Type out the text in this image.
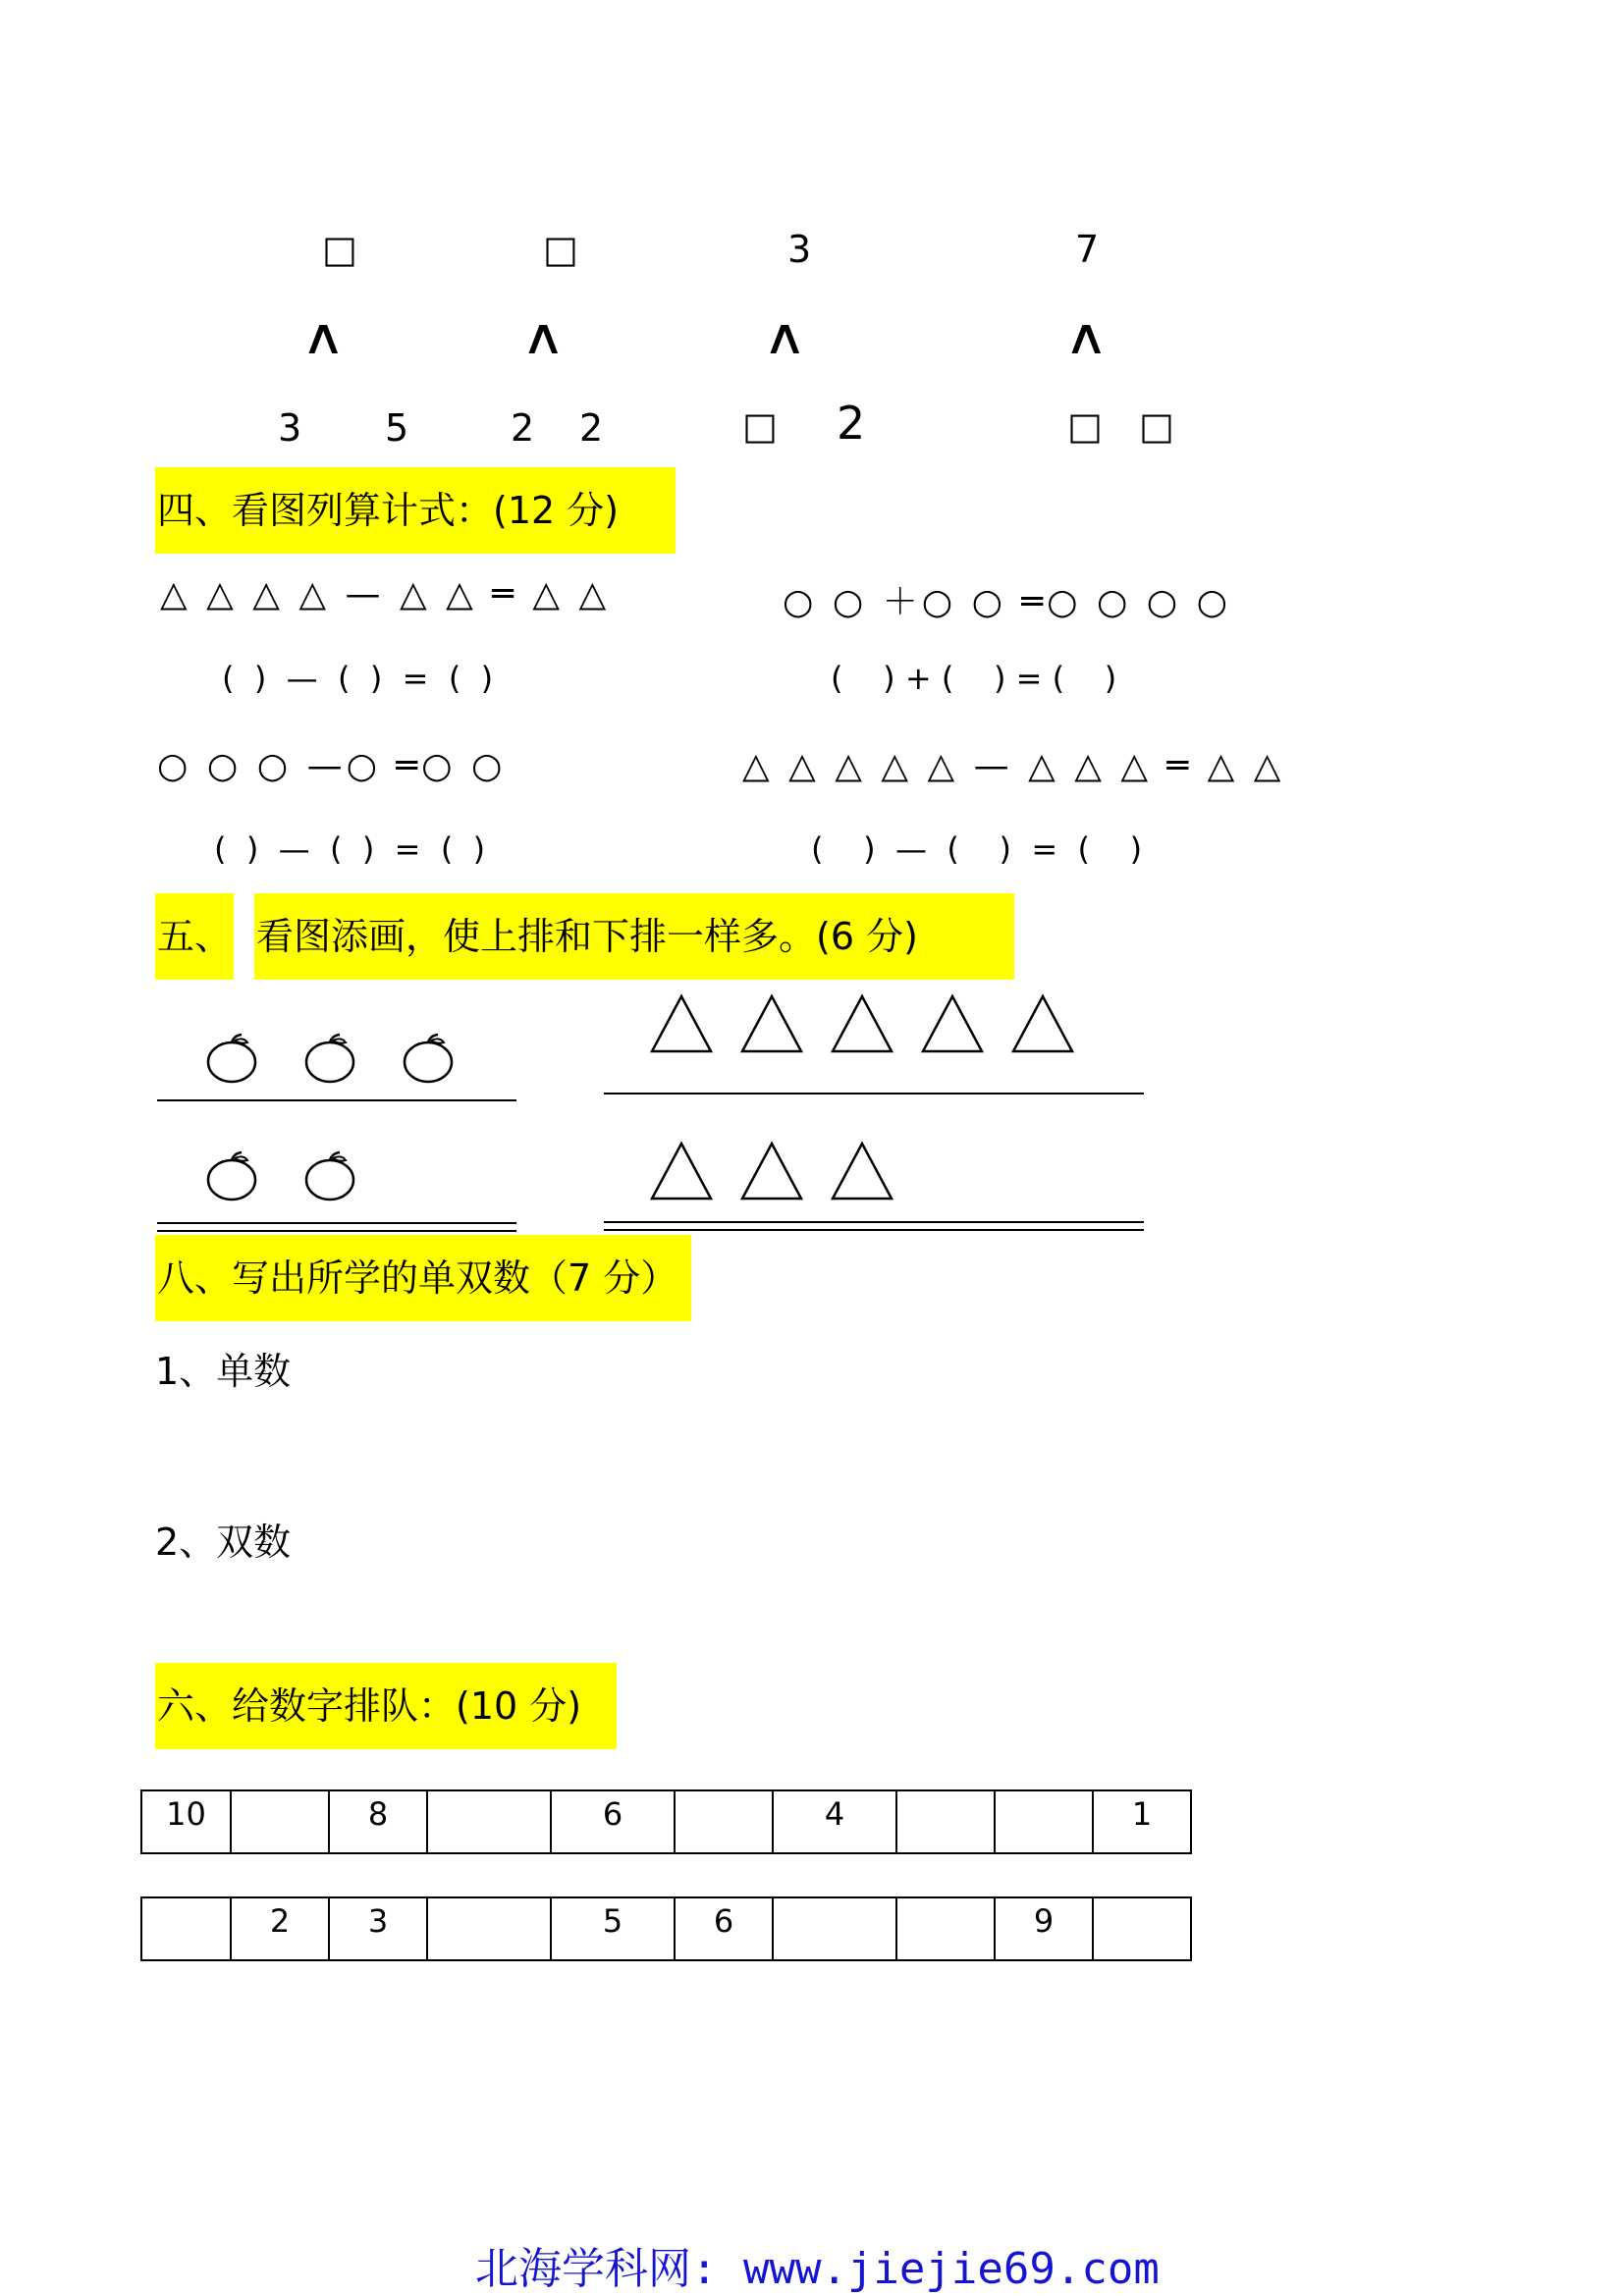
□
∧
3 5
□
∧
2 2
3
∧
□ 2
7
∧
□ □
四、看图列算计式：(12 分)
△ △ △ △ — △ △ ═ △ △
(  )  —  (  )  =  (  )
○ ○ ＋○ ○ ═○ ○ ○ ○
(    ) + (    ) = (    )
○ ○ ○ —○ ═○ ○
(  )  —  (  )  =  (  )
△ △ △ △ △ — △ △ △ ═ △ △
(    )  —  (    )  =  (    )
五、 看图添画，使上排和下排一样多。(6 分)
八、写出所学的单双数（7 分）
1、单数
2、双数
六、给数字排队：(10 分)
10		8		6		4			1
	2	3		5	6			9	
北海学科网: www.jiejie69.com
